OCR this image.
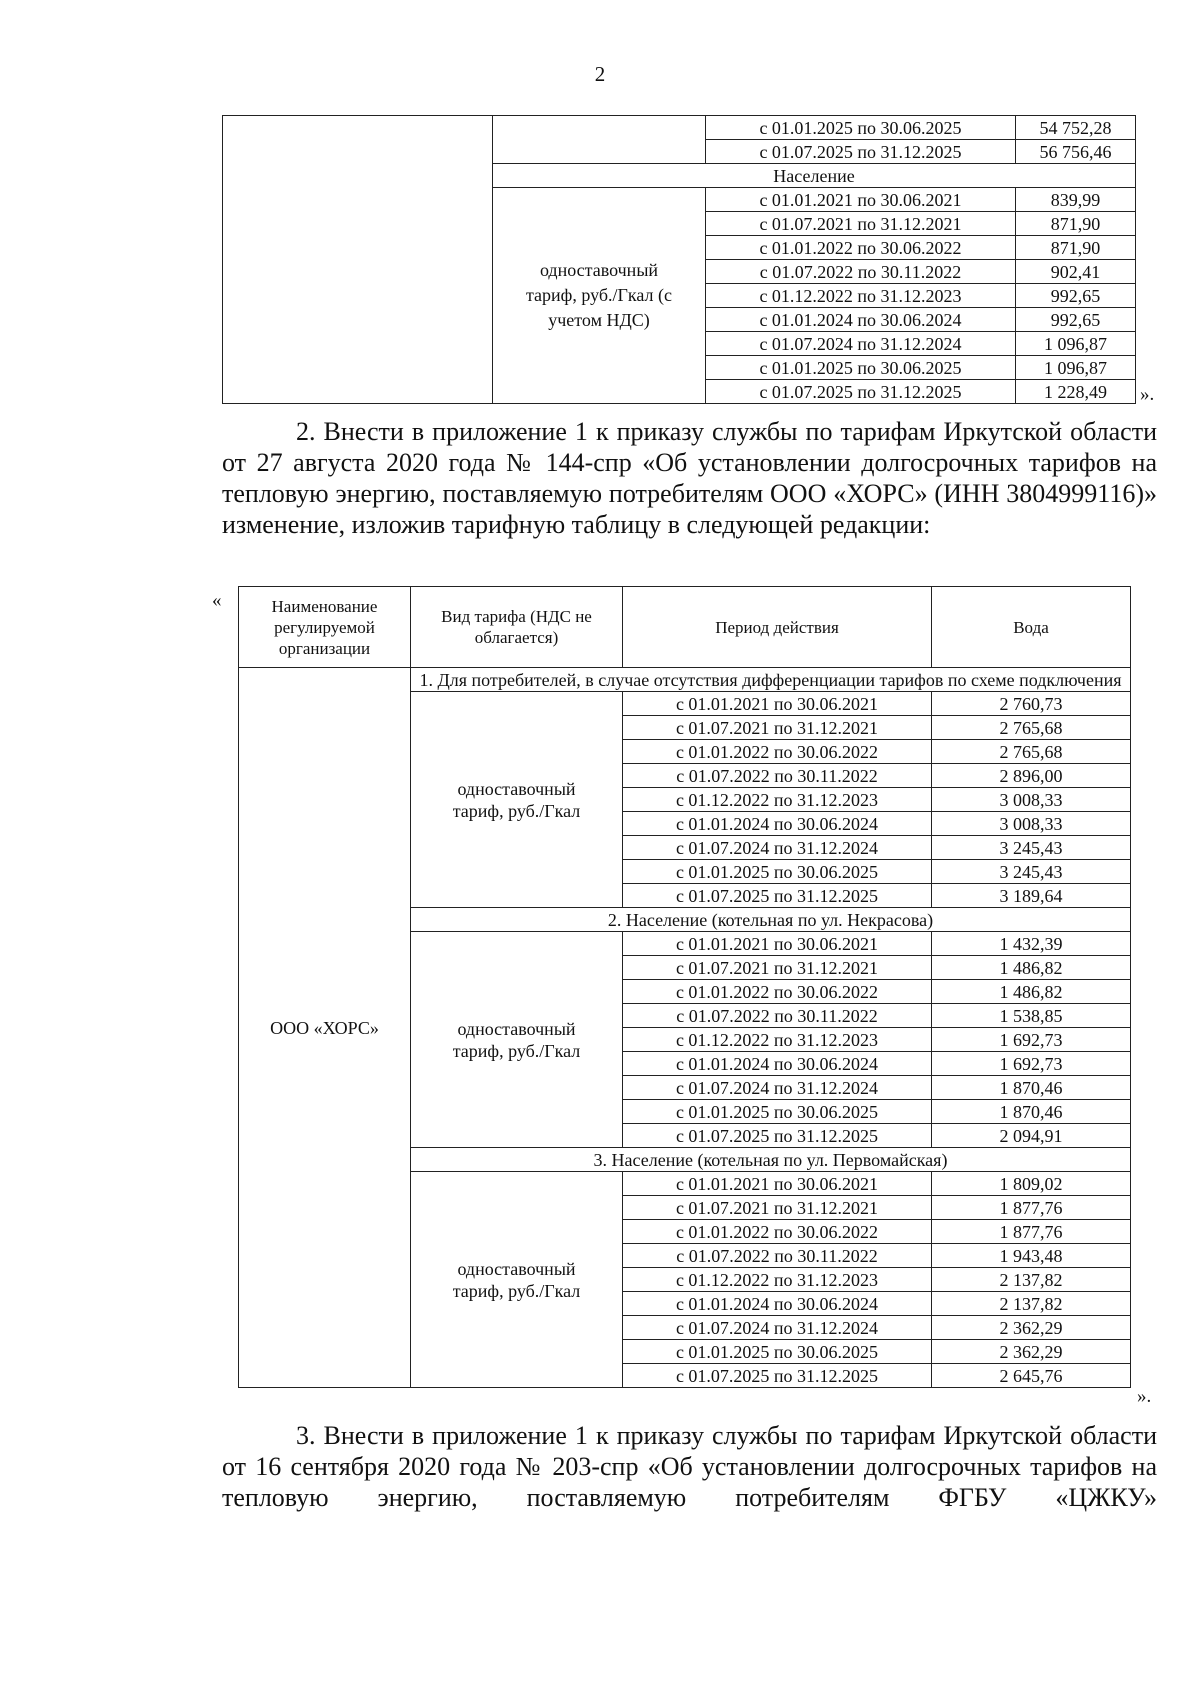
2
		с 01.01.2025 по 30.06.2025	54 752,28
		с 01.07.2025 по 31.12.2025	56 756,46
	Население		
	одноставочный тариф, руб./Гкал (с учетом НДС)	с 01.01.2021 по 30.06.2021	839,99
		с 01.07.2021 по 31.12.2021	871,90
		с 01.01.2022 по 30.06.2022	871,90
		с 01.07.2022 по 30.11.2022	902,41
		с 01.12.2022 по 31.12.2023	992,65
		с 01.01.2024 по 30.06.2024	992,65
		с 01.07.2024 по 31.12.2024	1 096,87
		с 01.01.2025 по 30.06.2025	1 096,87
		с 01.07.2025 по 31.12.2025	1 228,49 ».
2. Внести в приложение 1 к приказу службы по тарифам Иркутской области от 27 августа 2020 года № 144-спр «Об установлении долгосрочных тарифов на тепловую энергию, поставляемую потребителям ООО «ХОРС» (ИНН 3804999116)» изменение, изложив тарифную таблицу в следующей редакции:
«	Наименование регулируемой организации	Вид тарифа (НДС не облагается)	Период действия	Вода
ООО «ХОРС»	1. Для потребителей, в случае отсутствия дифференциации тарифов по схеме подключения		
	одноставочный тариф, руб./Гкал	с 01.01.2021 по 30.06.2021	2 760,73
		с 01.07.2021 по 31.12.2021	2 765,68
		с 01.01.2022 по 30.06.2022	2 765,68
		с 01.07.2022 по 30.11.2022	2 896,00
		с 01.12.2022 по 31.12.2023	3 008,33
		с 01.01.2024 по 30.06.2024	3 008,33
		с 01.07.2024 по 31.12.2024	3 245,43
		с 01.01.2025 по 30.06.2025	3 245,43
		с 01.07.2025 по 31.12.2025	3 189,64
	2. Население (котельная по ул. Некрасова)		
	одноставочный тариф, руб./Гкал	с 01.01.2021 по 30.06.2021	1 432,39
		с 01.07.2021 по 31.12.2021	1 486,82
		с 01.01.2022 по 30.06.2022	1 486,82
		с 01.07.2022 по 30.11.2022	1 538,85
		с 01.12.2022 по 31.12.2023	1 692,73
		с 01.01.2024 по 30.06.2024	1 692,73
		с 01.07.2024 по 31.12.2024	1 870,46
		с 01.01.2025 по 30.06.2025	1 870,46
		с 01.07.2025 по 31.12.2025	2 094,91
	3. Население (котельная по ул. Первомайская)		
	одноставочный тариф, руб./Гкал	с 01.01.2021 по 30.06.2021	1 809,02
		с 01.07.2021 по 31.12.2021	1 877,76
		с 01.01.2022 по 30.06.2022	1 877,76
		с 01.07.2022 по 30.11.2022	1 943,48
		с 01.12.2022 по 31.12.2023	2 137,82
		с 01.01.2024 по 30.06.2024	2 137,82
		с 01.07.2024 по 31.12.2024	2 362,29
		с 01.01.2025 по 30.06.2025	2 362,29
		с 01.07.2025 по 31.12.2025	2 645,76
».
3. Внести в приложение 1 к приказу службы по тарифам Иркутской области от 16 сентября 2020 года № 203-спр «Об установлении долгосрочных тарифов на тепловую энергию, поставляемую потребителям ФГБУ «ЦЖКУ»
